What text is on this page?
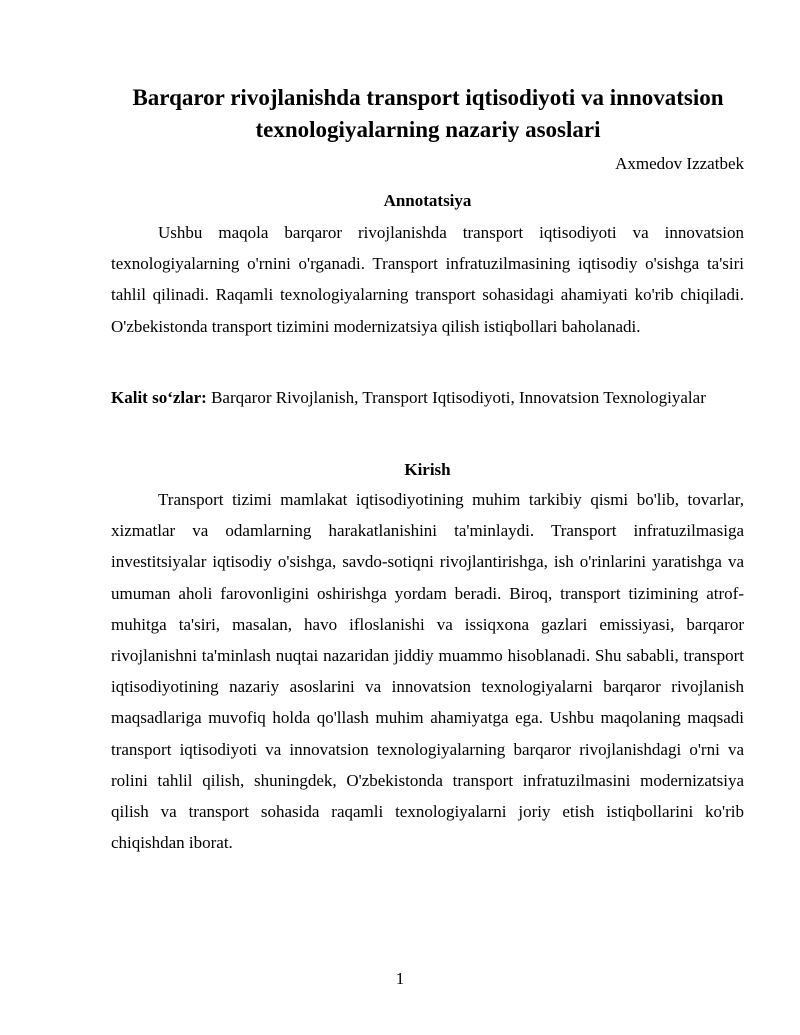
Barqaror rivojlanishda transport iqtisodiyoti va innovatsion texnologiyalarning nazariy asoslari

Axmedov Izzatbek

Annotatsiya

Ushbu maqola barqaror rivojlanishda transport iqtisodiyoti va innovatsion texnologiyalarning o'rnini o'rganadi. Transport infratuzilmasining iqtisodiy o'sishga ta'siri tahlil qilinadi. Raqamli texnologiyalarning transport sohasidagi ahamiyati ko'rib chiqiladi. O'zbekistonda transport tizimini modernizatsiya qilish istiqbollari baholanadi.

Kalit so‘zlar: Barqaror Rivojlanish, Transport Iqtisodiyoti, Innovatsion Texnologiyalar

Kirish

Transport tizimi mamlakat iqtisodiyotining muhim tarkibiy qismi bo'lib, tovarlar, xizmatlar va odamlarning harakatlanishini ta'minlaydi. Transport infratuzilmasiga investitsiyalar iqtisodiy o'sishga, savdo-sotiqni rivojlantirishga, ish o'rinlarini yaratishga va umuman aholi farovonligini oshirishga yordam beradi. Biroq, transport tizimining atrof-muhitga ta'siri, masalan, havo ifloslanishi va issiqxona gazlari emissiyasi, barqaror rivojlanishni ta'minlash nuqtai nazaridan jiddiy muammo hisoblanadi. Shu sababli, transport iqtisodiyotining nazariy asoslarini va innovatsion texnologiyalarni barqaror rivojlanish maqsadlariga muvofiq holda qo'llash muhim ahamiyatga ega. Ushbu maqolaning maqsadi transport iqtisodiyoti va innovatsion texnologiyalarning barqaror rivojlanishdagi o'rni va rolini tahlil qilish, shuningdek, O'zbekistonda transport infratuzilmasini modernizatsiya qilish va transport sohasida raqamli texnologiyalarni joriy etish istiqbollarini ko'rib chiqishdan iborat.

1
